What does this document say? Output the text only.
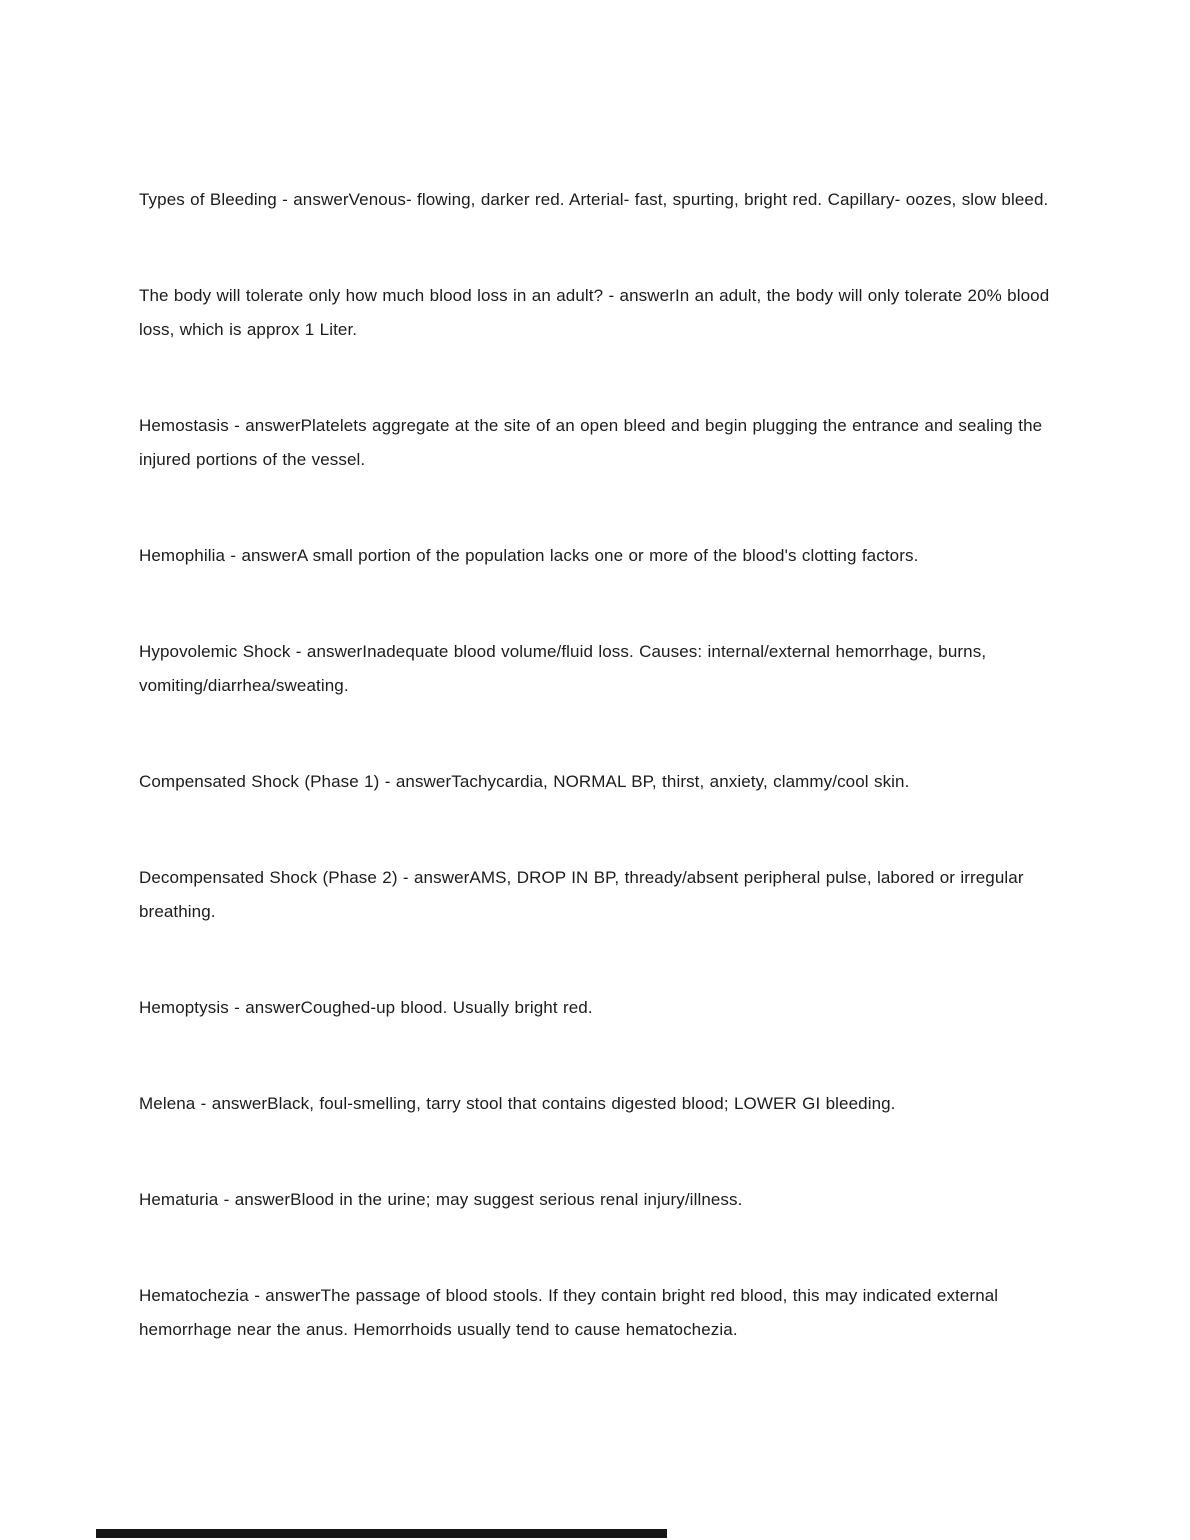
Types of Bleeding - answerVenous- flowing, darker red. Arterial- fast, spurting, bright red. Capillary- oozes, slow bleed.

The body will tolerate only how much blood loss in an adult? - answerIn an adult, the body will only tolerate 20% blood loss, which is approx 1 Liter.

Hemostasis - answerPlatelets aggregate at the site of an open bleed and begin plugging the entrance and sealing the injured portions of the vessel.

Hemophilia - answerA small portion of the population lacks one or more of the blood's clotting factors.

Hypovolemic Shock - answerInadequate blood volume/fluid loss. Causes: internal/external hemorrhage, burns, vomiting/diarrhea/sweating.

Compensated Shock (Phase 1) - answerTachycardia, NORMAL BP, thirst, anxiety, clammy/cool skin.

Decompensated Shock (Phase 2) - answerAMS, DROP IN BP, thready/absent peripheral pulse, labored or irregular breathing.

Hemoptysis - answerCoughed-up blood. Usually bright red.

Melena - answerBlack, foul-smelling, tarry stool that contains digested blood; LOWER GI bleeding.

Hematuria - answerBlood in the urine; may suggest serious renal injury/illness.

Hematochezia - answerThe passage of blood stools. If they contain bright red blood, this may indicated external hemorrhage near the anus. Hemorrhoids usually tend to cause hematochezia.
